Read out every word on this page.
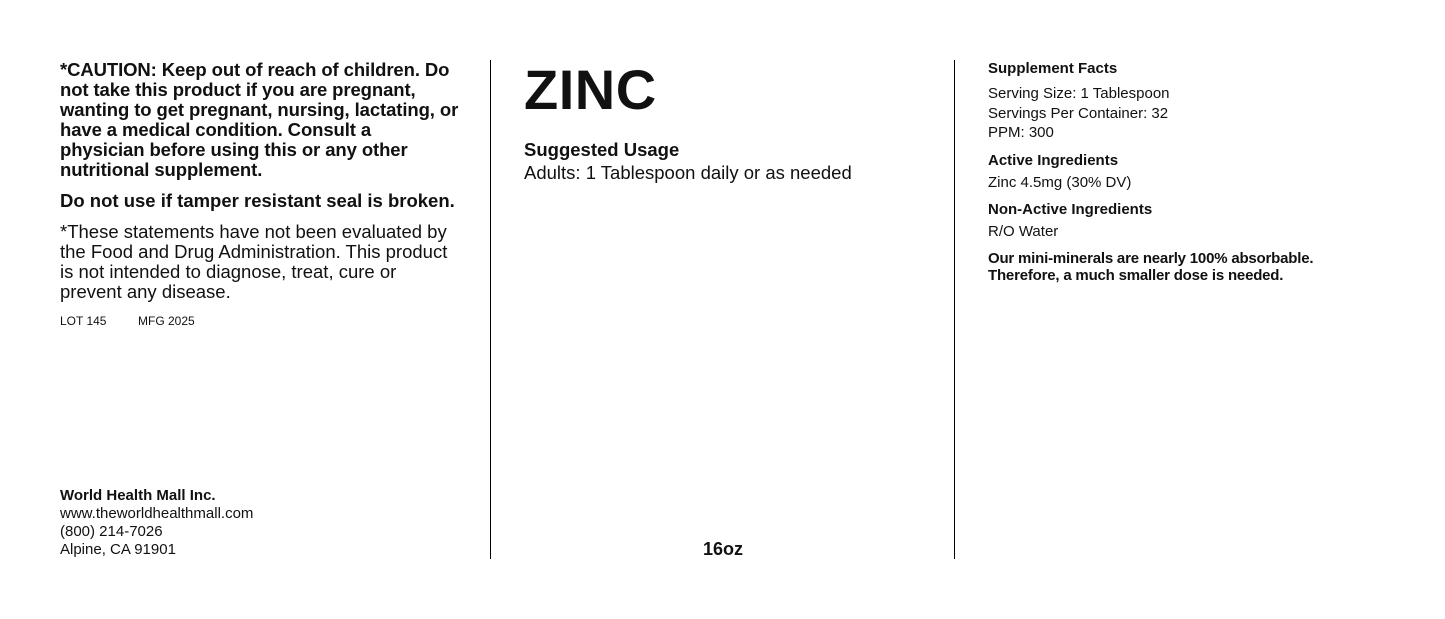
*CAUTION: Keep out of reach of children. Do not take this product if you are pregnant, wanting to get pregnant, nursing, lactating, or have a medical condition. Consult a physician before using this or any other nutritional supplement.

Do not use if tamper resistant seal is broken.

*These statements have not been evaluated by the Food and Drug Administration. This product is not intended to diagnose, treat, cure or prevent any disease.

LOT 145	MFG 2025

World Health Mall Inc.
www.theworldhealthmall.com
(800) 214-7026
Alpine, CA 91901
ZINC

Suggested Usage

Adults: 1 Tablespoon daily or as needed

16oz

Supplement Facts

Serving Size: 1 Tablespoon

Servings Per Container: 32

PPM: 300

Active Ingredients

Zinc 4.5mg (30% DV)

Non-Active Ingredients

R/O Water

Our mini-minerals are nearly 100% absorbable. Therefore, a much smaller dose is needed.
